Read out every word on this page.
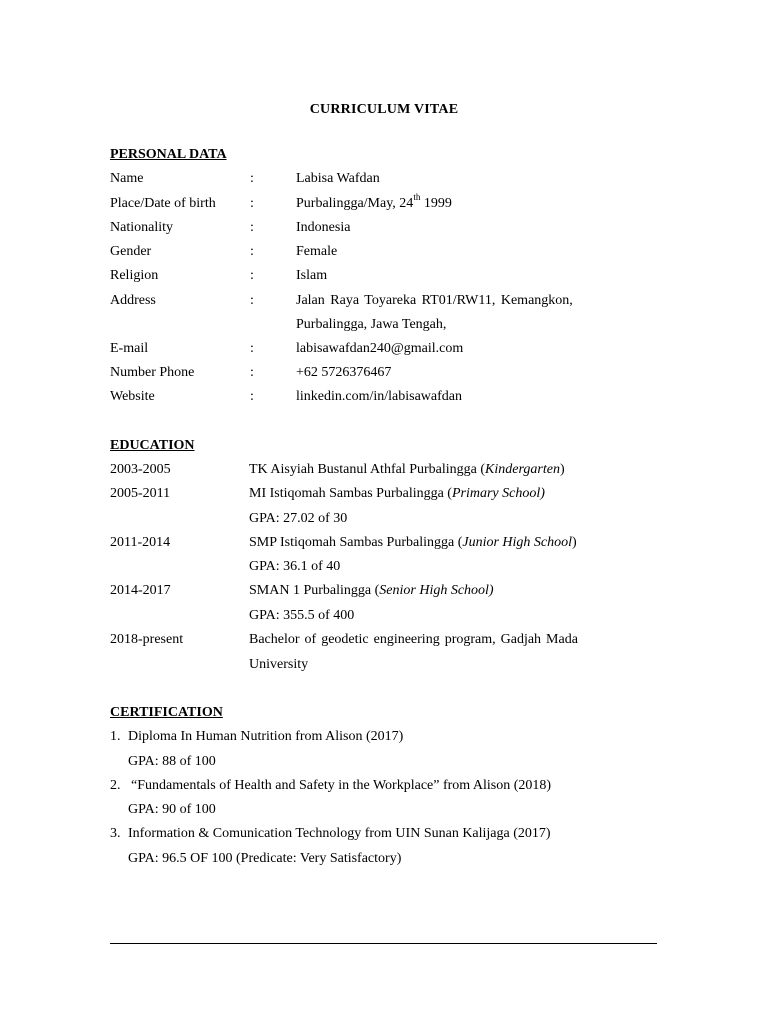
CURRICULUM VITAE
PERSONAL DATA
Name	:	Labisa Wafdan
Place/Date of birth :	Purbalingga/May, 24th 1999
Nationality	:	Indonesia
Gender	:	Female
Religion	:	Islam
Address	:	Jalan Raya Toyareka RT01/RW11, Kemangkon,
Purbalingga, Jawa Tengah,
E-mail	:	labisawafdan240@gmail.com
Number Phone	:	+62 5726376467
Website	:	linkedin.com/in/labisawafdan
EDUCATION
2003-2005	TK Aisyiah Bustanul Athfal Purbalingga (Kindergarten)
2005-2011	MI Istiqomah Sambas Purbalingga (Primary School)
GPA: 27.02 of 30
2011-2014	SMP Istiqomah Sambas Purbalingga (Junior High School)
GPA: 36.1 of 40
2014-2017	SMAN 1 Purbalingga (Senior High School)
GPA: 355.5 of 400
2018-present	Bachelor of geodetic engineering program, Gadjah Mada
University
CERTIFICATION
1. Diploma In Human Nutrition from Alison (2017)
GPA: 88 of 100
2. “Fundamentals of Health and Safety in the Workplace” from Alison (2018)
GPA: 90 of 100
3. Information & Comunication Technology from UIN Sunan Kalijaga (2017)
GPA: 96.5 OF 100 (Predicate: Very Satisfactory)
